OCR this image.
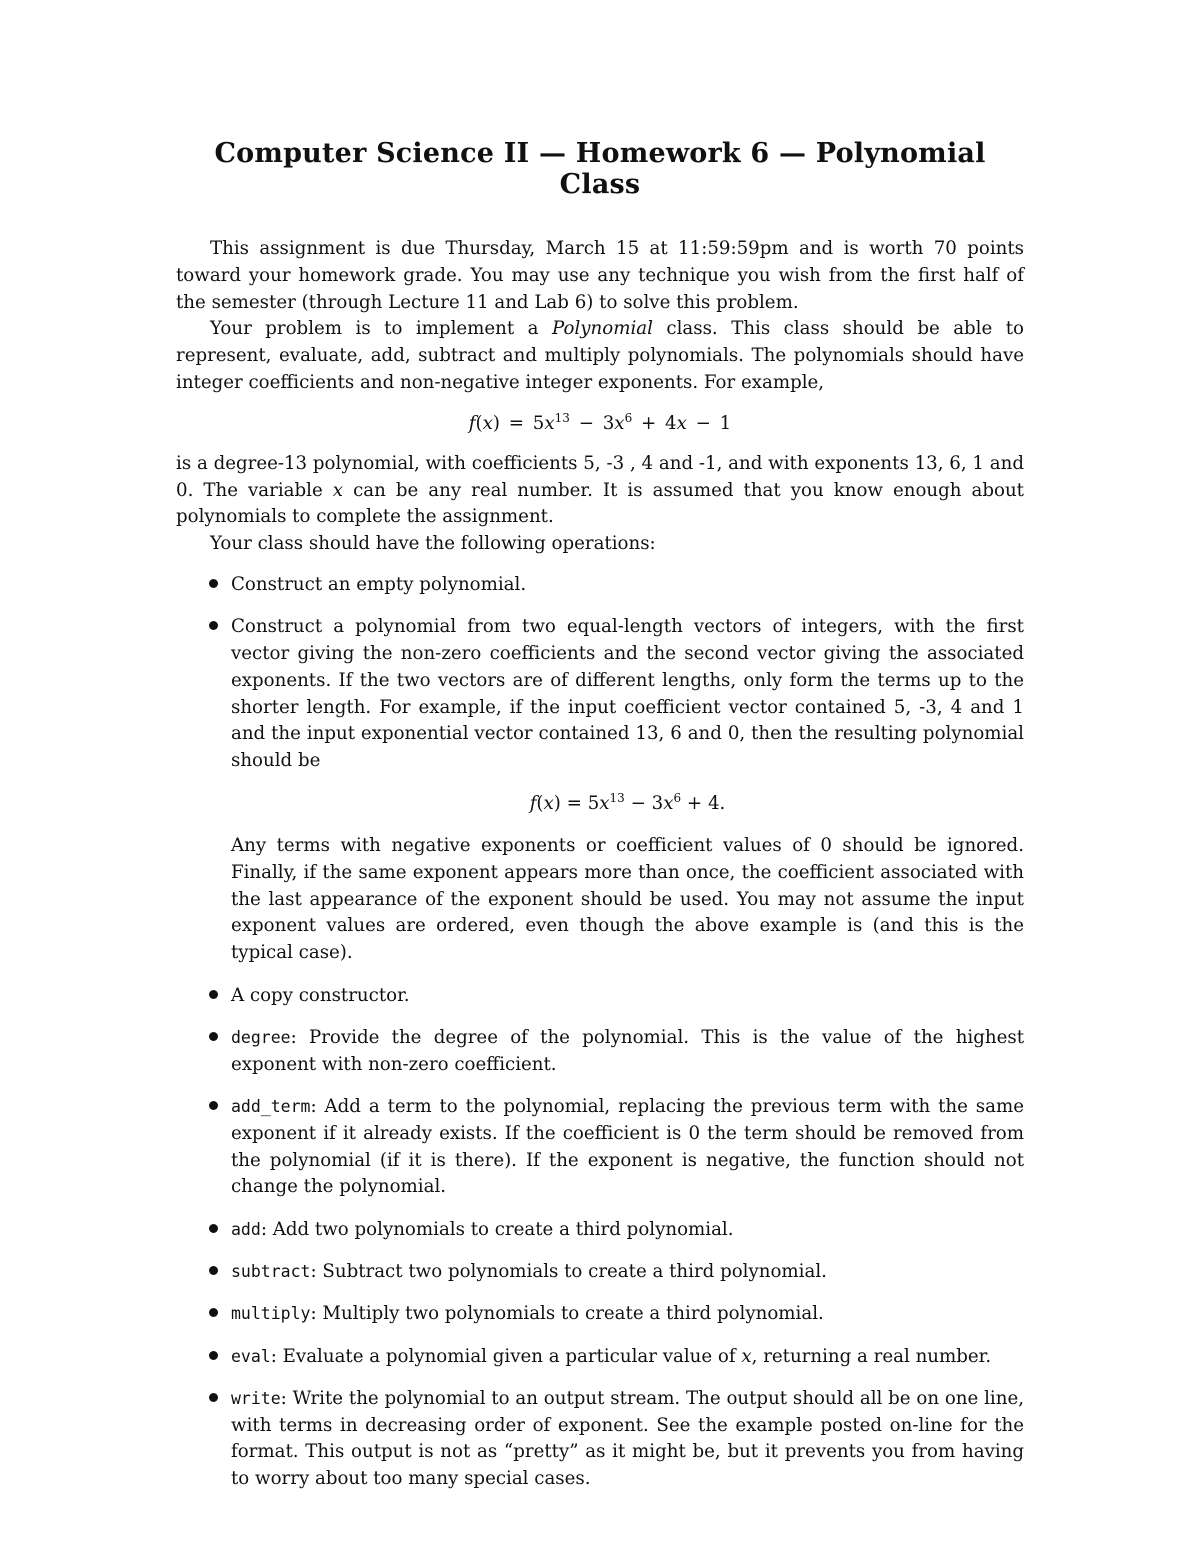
Computer Science II — Homework 6 — Polynomial Class

This assignment is due Thursday, March 15 at 11:59:59pm and is worth 70 points toward your homework grade. You may use any technique you wish from the first half of the semester (through Lecture 11 and Lab 6) to solve this problem.

Your problem is to implement a Polynomial class. This class should be able to represent, evaluate, add, subtract and multiply polynomials. The polynomials should have integer coefficients and non-negative integer exponents. For example,

$f(x) = 5x^{13} - 3x^6 + 4x - 1$

is a degree-13 polynomial, with coefficients 5, -3 , 4 and -1, and with exponents 13, 6, 1 and 0. The variable x can be any real number. It is assumed that you know enough about polynomials to complete the assignment.

Your class should have the following operations:

Construct an empty polynomial.

Construct a polynomial from two equal-length vectors of integers, with the first vector giving the non-zero coefficients and the second vector giving the associated exponents. If the two vectors are of different lengths, only form the terms up to the shorter length. For example, if the input coefficient vector contained 5, -3, 4 and 1 and the input exponential vector contained 13, 6 and 0, then the resulting polynomial should be

$f(x) = 5x^{13} - 3x^6 + 4$.

Any terms with negative exponents or coefficient values of 0 should be ignored. Finally, if the same exponent appears more than once, the coefficient associated with the last appearance of the exponent should be used. You may not assume the input exponent values are ordered, even though the above example is (and this is the typical case).

A copy constructor.

degree: Provide the degree of the polynomial. This is the value of the highest exponent with non-zero coefficient.

add_term: Add a term to the polynomial, replacing the previous term with the same exponent if it already exists. If the coefficient is 0 the term should be removed from the polynomial (if it is there). If the exponent is negative, the function should not change the polynomial.

add: Add two polynomials to create a third polynomial.

subtract: Subtract two polynomials to create a third polynomial.

multiply: Multiply two polynomials to create a third polynomial.

eval: Evaluate a polynomial given a particular value of x, returning a real number.

write: Write the polynomial to an output stream. The output should all be on one line, with terms in decreasing order of exponent. See the example posted on-line for the format. This output is not as “pretty” as it might be, but it prevents you from having to worry about too many special cases.
